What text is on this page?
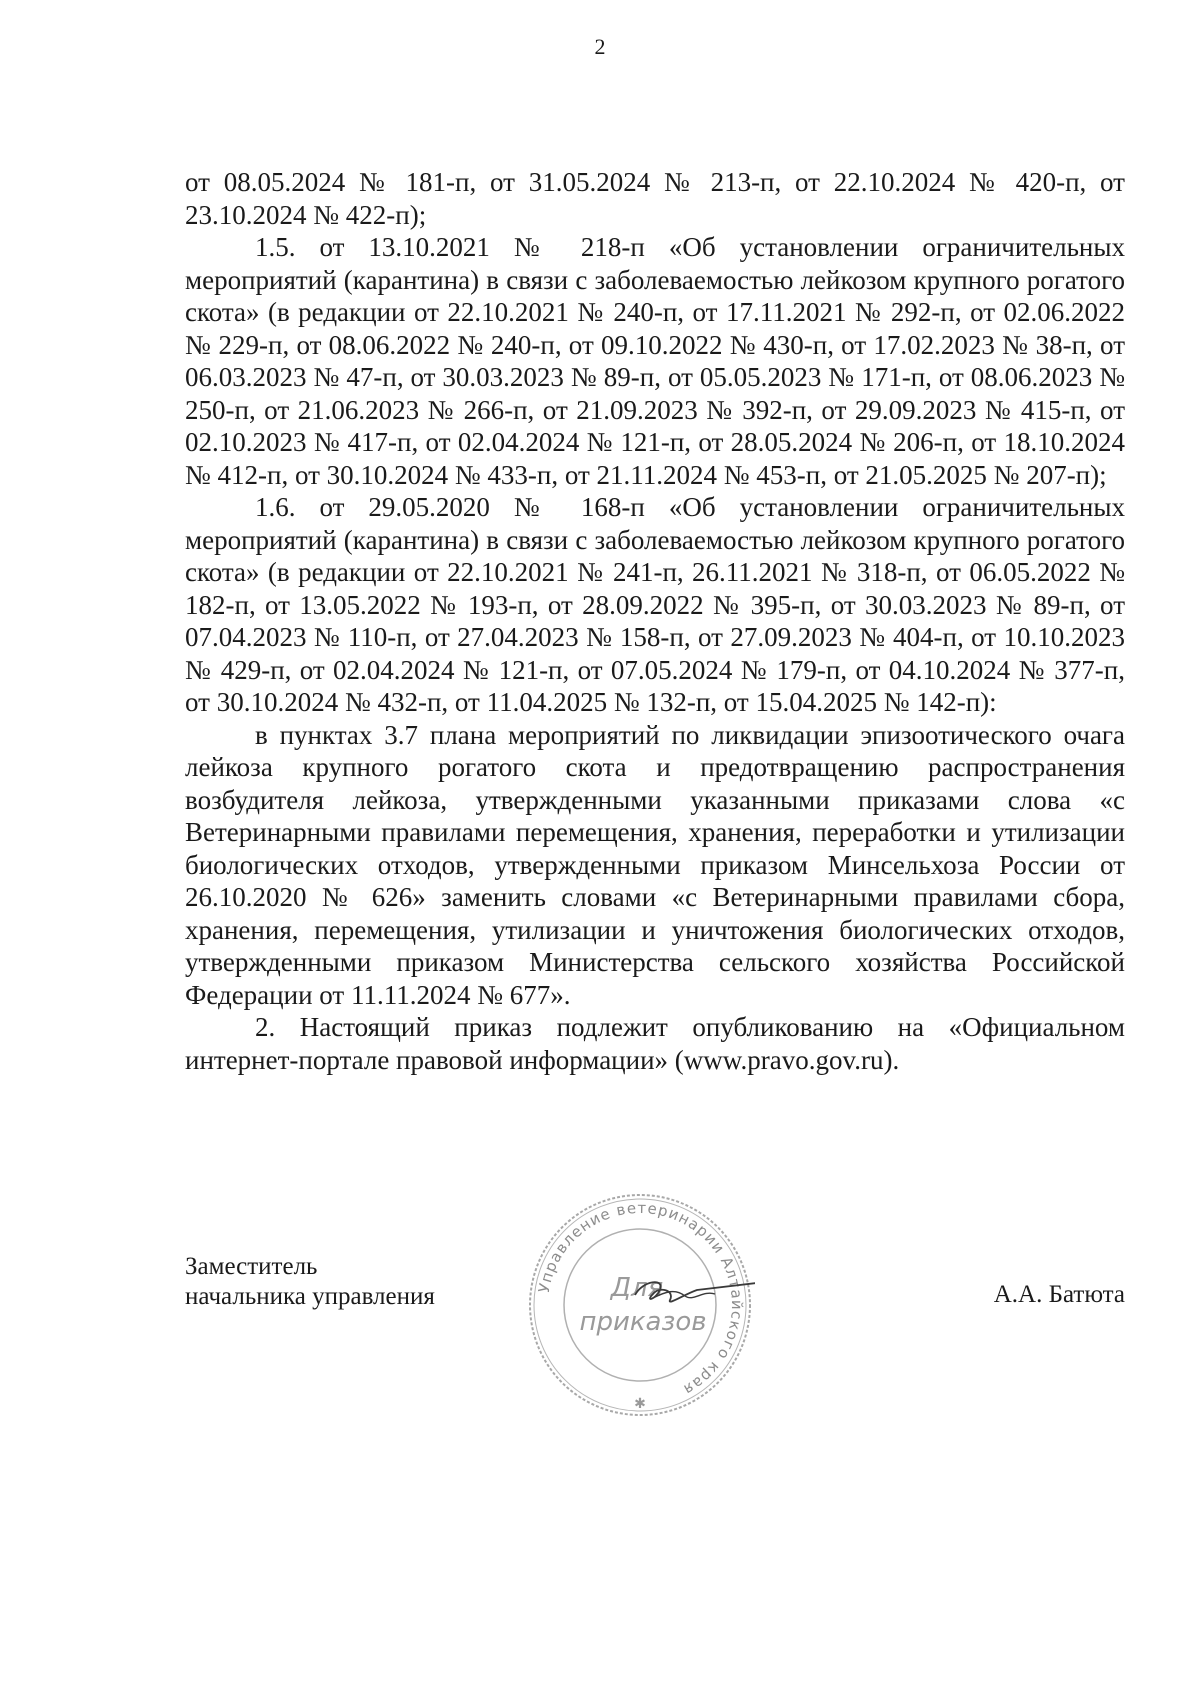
2

от 08.05.2024 № 181-п, от 31.05.2024 № 213-п, от 22.10.2024 № 420-п, от 23.10.2024 № 422-п);

1.5. от 13.10.2021 № 218-п «Об установлении ограничительных мероприятий (карантина) в связи с заболеваемостью лейкозом крупного рогатого скота» (в редакции от 22.10.2021 № 240-п, от 17.11.2021 № 292-п, от 02.06.2022 № 229-п, от 08.06.2022 № 240-п, от 09.10.2022 № 430-п, от 17.02.2023 № 38-п, от 06.03.2023 № 47-п, от 30.03.2023 № 89-п, от 05.05.2023 № 171-п, от 08.06.2023 № 250-п, от 21.06.2023 № 266-п, от 21.09.2023 № 392-п, от 29.09.2023 № 415-п, от 02.10.2023 № 417-п, от 02.04.2024 № 121-п, от 28.05.2024 № 206-п, от 18.10.2024 № 412-п, от 30.10.2024 № 433-п, от 21.11.2024 № 453-п, от 21.05.2025 № 207-п);

1.6. от 29.05.2020 № 168-п «Об установлении ограничительных мероприятий (карантина) в связи с заболеваемостью лейкозом крупного рогатого скота» (в редакции от 22.10.2021 № 241-п, 26.11.2021 № 318-п, от 06.05.2022 № 182-п, от 13.05.2022 № 193-п, от 28.09.2022 № 395-п, от 30.03.2023 № 89-п, от 07.04.2023 № 110-п, от 27.04.2023 № 158-п, от 27.09.2023 № 404-п, от 10.10.2023 № 429-п, от 02.04.2024 № 121-п, от 07.05.2024 № 179-п, от 04.10.2024 № 377-п, от 30.10.2024 № 432-п, от 11.04.2025 № 132-п, от 15.04.2025 № 142-п):

в пунктах 3.7 плана мероприятий по ликвидации эпизоотического очага лейкоза крупного рогатого скота и предотвращению распространения возбудителя лейкоза, утвержденными указанными приказами слова «с Ветеринарными правилами перемещения, хранения, переработки и утилизации биологических отходов, утвержденными приказом Минсельхоза России от 26.10.2020 № 626» заменить словами «с Ветеринарными правилами сбора, хранения, перемещения, утилизации и уничтожения биологических отходов, утвержденными приказом Министерства сельского хозяйства Российской Федерации от 11.11.2024 № 677».

2. Настоящий приказ подлежит опубликованию на «Официальном интернет-портале правовой информации» (www.pravo.gov.ru).

Заместитель
начальника управления	Управление ветеринарии Алтайского края
Для
приказов
✱
А.А. Батюта
